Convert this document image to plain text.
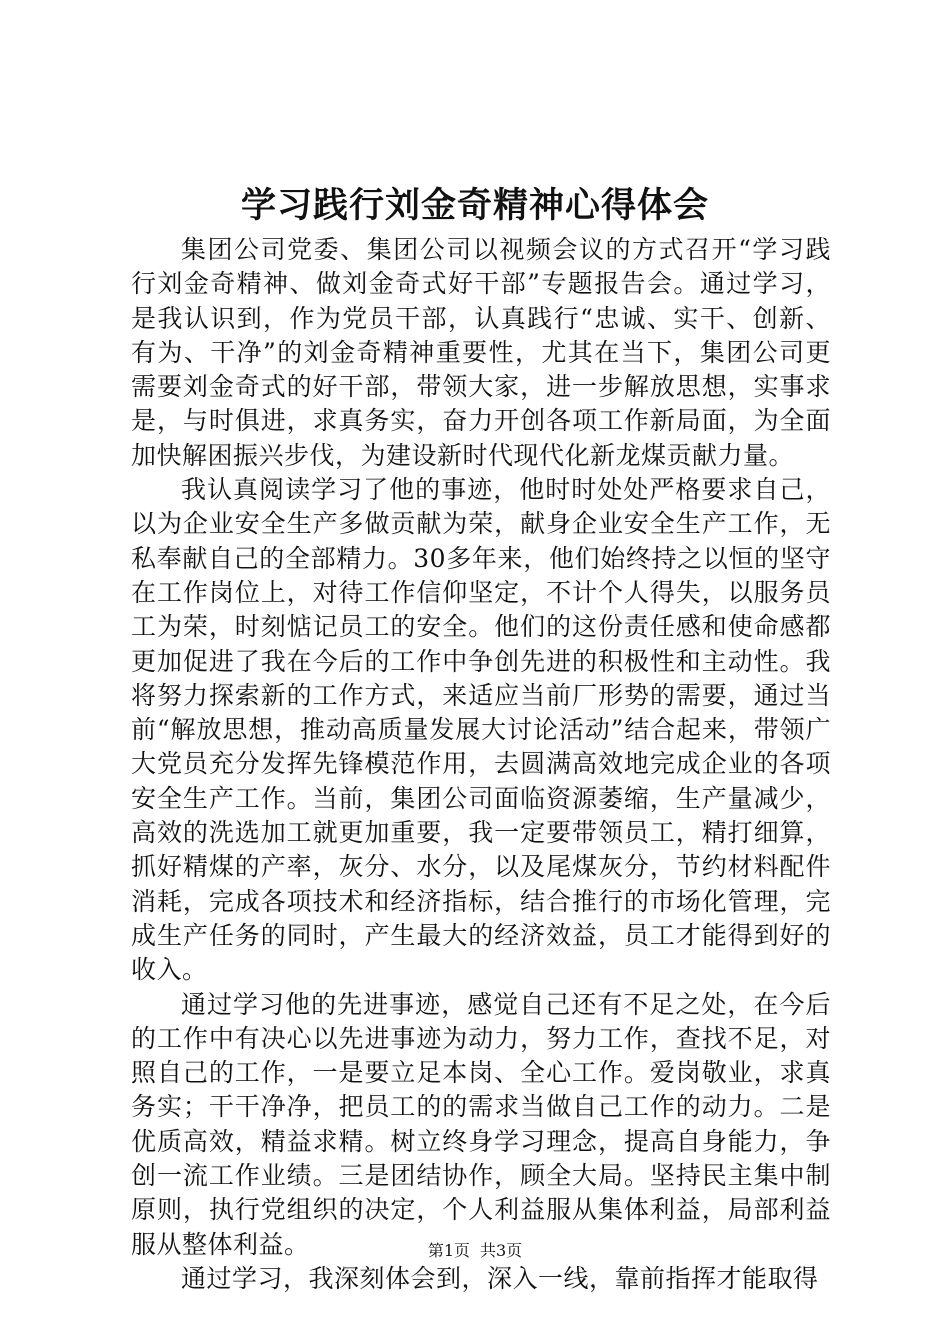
学习践行刘金奇精神心得体会

集团公司党委、集团公司以视频会议的方式召开“学习践行刘金奇精神、做刘金奇式好干部”专题报告会。通过学习，是我认识到，作为党员干部，认真践行“忠诚、实干、创新、有为、干净”的刘金奇精神重要性，尤其在当下，集团公司更需要刘金奇式的好干部，带领大家，进一步解放思想，实事求是，与时俱进，求真务实，奋力开创各项工作新局面，为全面加快解困振兴步伐，为建设新时代现代化新龙煤贡献力量。

我认真阅读学习了他的事迹，他时时处处严格要求自己，以为企业安全生产多做贡献为荣，献身企业安全生产工作，无私奉献自己的全部精力。30多年来，他们始终持之以恒的坚守在工作岗位上，对待工作信仰坚定，不计个人得失，以服务员工为荣，时刻惦记员工的安全。他们的这份责任感和使命感都更加促进了我在今后的工作中争创先进的积极性和主动性。我将努力探索新的工作方式，来适应当前厂形势的需要，通过当前“解放思想，推动高质量发展大讨论活动”结合起来，带领广大党员充分发挥先锋模范作用，去圆满高效地完成企业的各项安全生产工作。当前，集团公司面临资源萎缩，生产量减少，高效的洗选加工就更加重要，我一定要带领员工，精打细算，抓好精煤的产率，灰分、水分，以及尾煤灰分，节约材料配件消耗，完成各项技术和经济指标，结合推行的市场化管理，完成生产任务的同时，产生最大的经济效益，员工才能得到好的收入。

通过学习他的先进事迹，感觉自己还有不足之处，在今后的工作中有决心以先进事迹为动力，努力工作，查找不足，对照自己的工作，一是要立足本岗、全心工作。爱岗敬业，求真务实；干干净净，把员工的的需求当做自己工作的动力。二是优质高效，精益求精。树立终身学习理念，提高自身能力，争创一流工作业绩。三是团结协作，顾全大局。坚持民主集中制原则，执行党组织的决定，个人利益服从集体利益，局部利益服从整体利益。

通过学习，我深刻体会到，深入一线，靠前指挥才能取得

第1页 共3页
